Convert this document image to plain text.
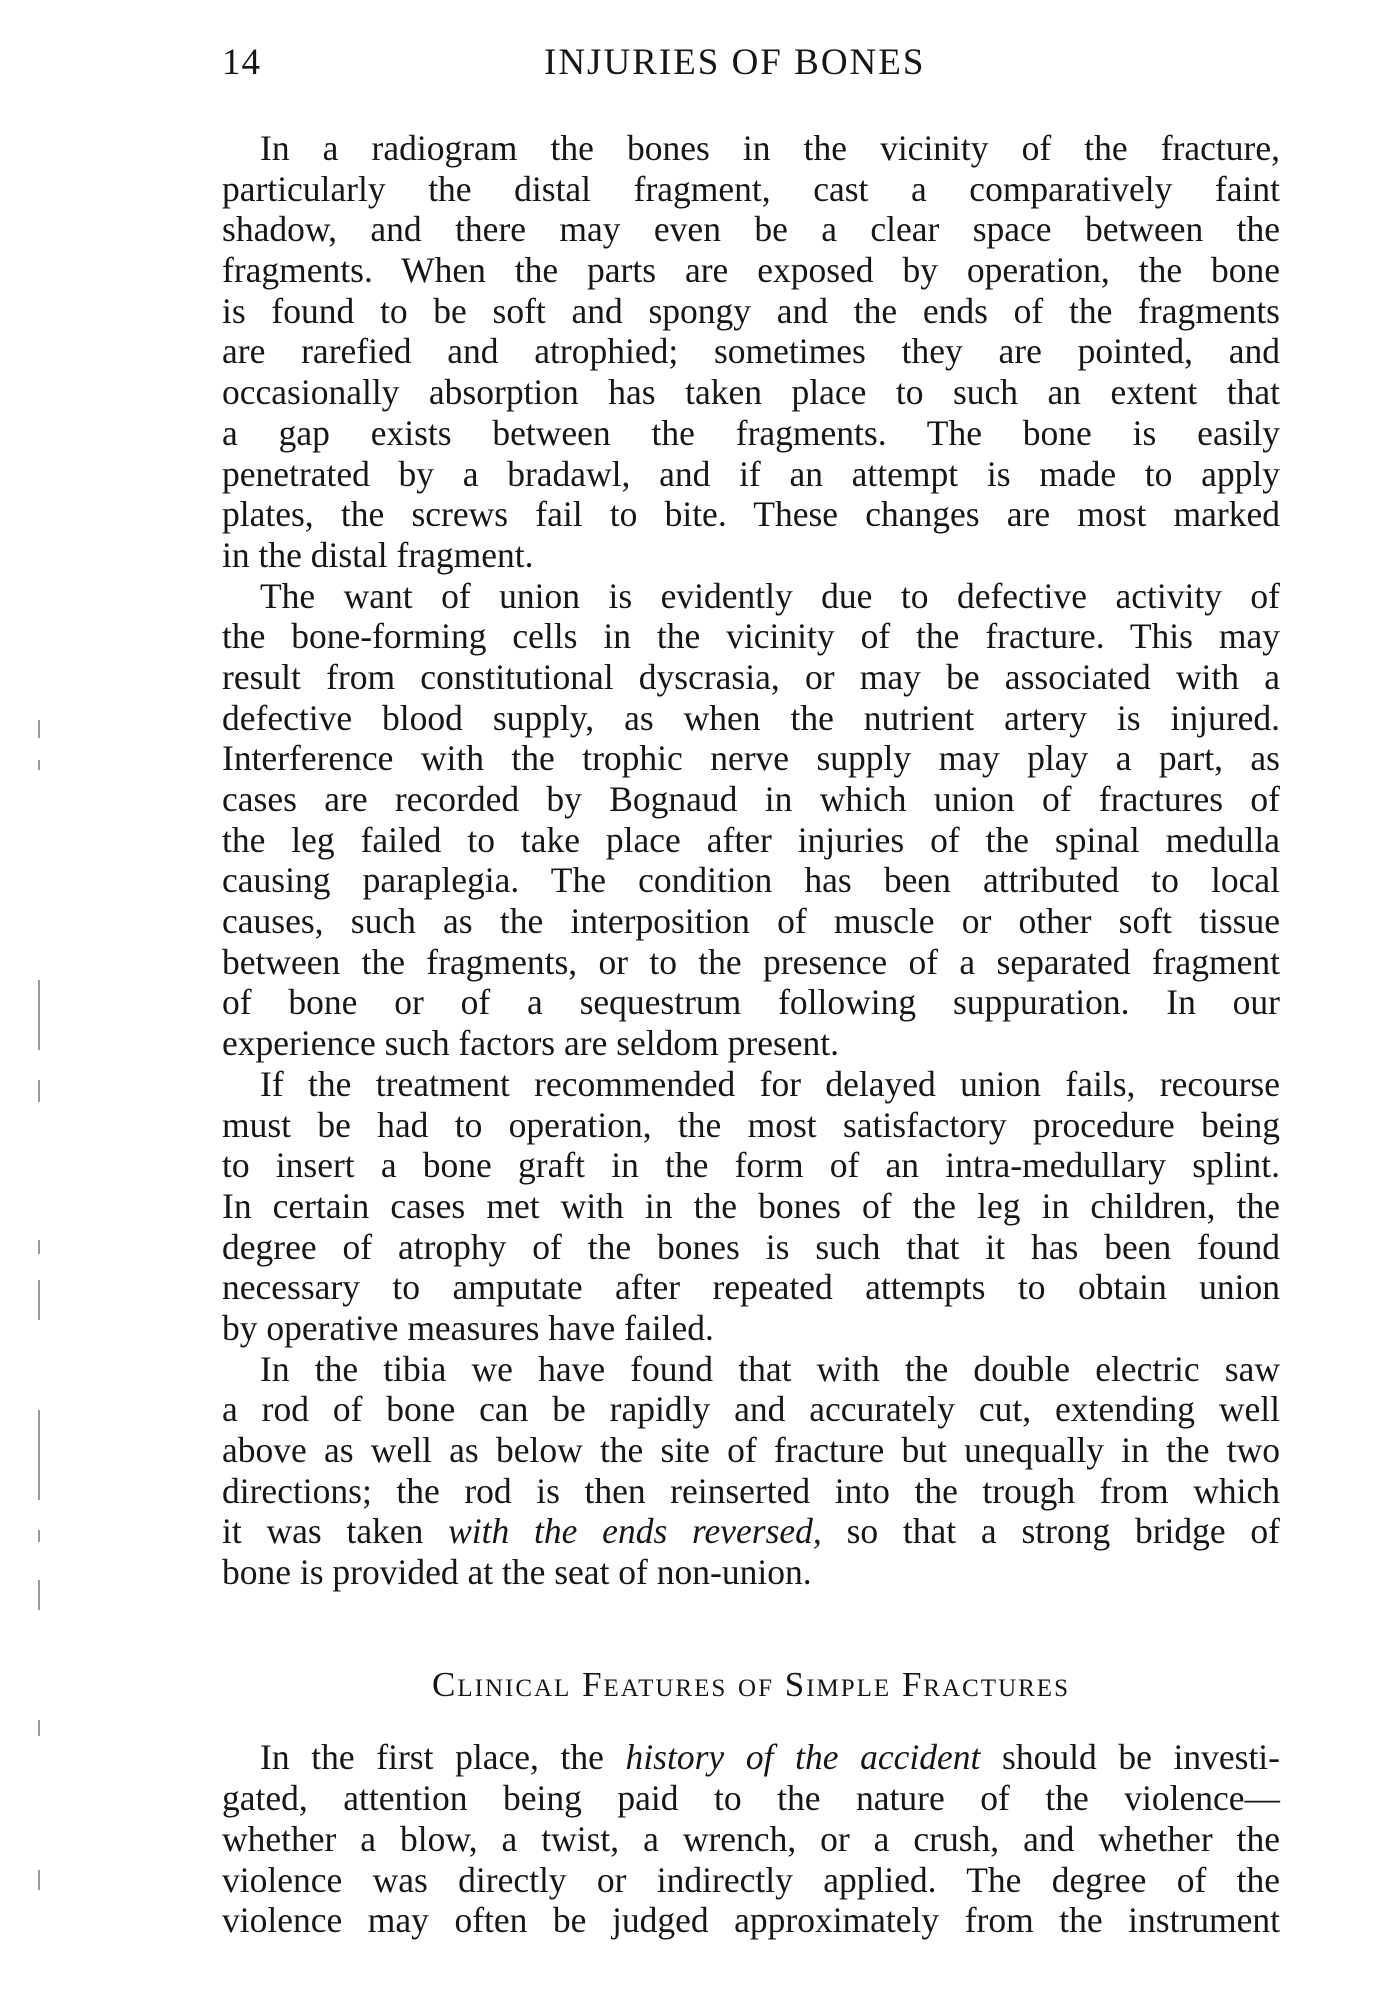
14	INJURIES OF BONES
In a radiogram the bones in the vicinity of the fracture,
particularly the distal fragment, cast a comparatively faint
shadow, and there may even be a clear space between the
fragments. When the parts are exposed by operation, the bone
is found to be soft and spongy and the ends of the fragments
are rarefied and atrophied; sometimes they are pointed, and
occasionally absorption has taken place to such an extent that
a gap exists between the fragments. The bone is easily
penetrated by a bradawl, and if an attempt is made to apply
plates, the screws fail to bite. These changes are most marked
in the distal fragment.
The want of union is evidently due to defective activity of
the bone-forming cells in the vicinity of the fracture. This may
result from constitutional dyscrasia, or may be associated with a
defective blood supply, as when the nutrient artery is injured.
Interference with the trophic nerve supply may play a part, as
cases are recorded by Bognaud in which union of fractures of
the leg failed to take place after injuries of the spinal medulla
causing paraplegia. The condition has been attributed to local
causes, such as the interposition of muscle or other soft tissue
between the fragments, or to the presence of a separated fragment
of bone or of a sequestrum following suppuration. In our
experience such factors are seldom present.
If the treatment recommended for delayed union fails, recourse
must be had to operation, the most satisfactory procedure being
to insert a bone graft in the form of an intra-medullary splint.
In certain cases met with in the bones of the leg in children, the
degree of atrophy of the bones is such that it has been found
necessary to amputate after repeated attempts to obtain union
by operative measures have failed.
In the tibia we have found that with the double electric saw
a rod of bone can be rapidly and accurately cut, extending well
above as well as below the site of fracture but unequally in the two
directions; the rod is then reinserted into the trough from which
it was taken with the ends reversed, so that a strong bridge of
bone is provided at the seat of non-union.
Clinical Features of Simple Fractures
In the first place, the history of the accident should be investi-
gated, attention being paid to the nature of the violence—
whether a blow, a twist, a wrench, or a crush, and whether the
violence was directly or indirectly applied. The degree of the
violence may often be judged approximately from the instrument
